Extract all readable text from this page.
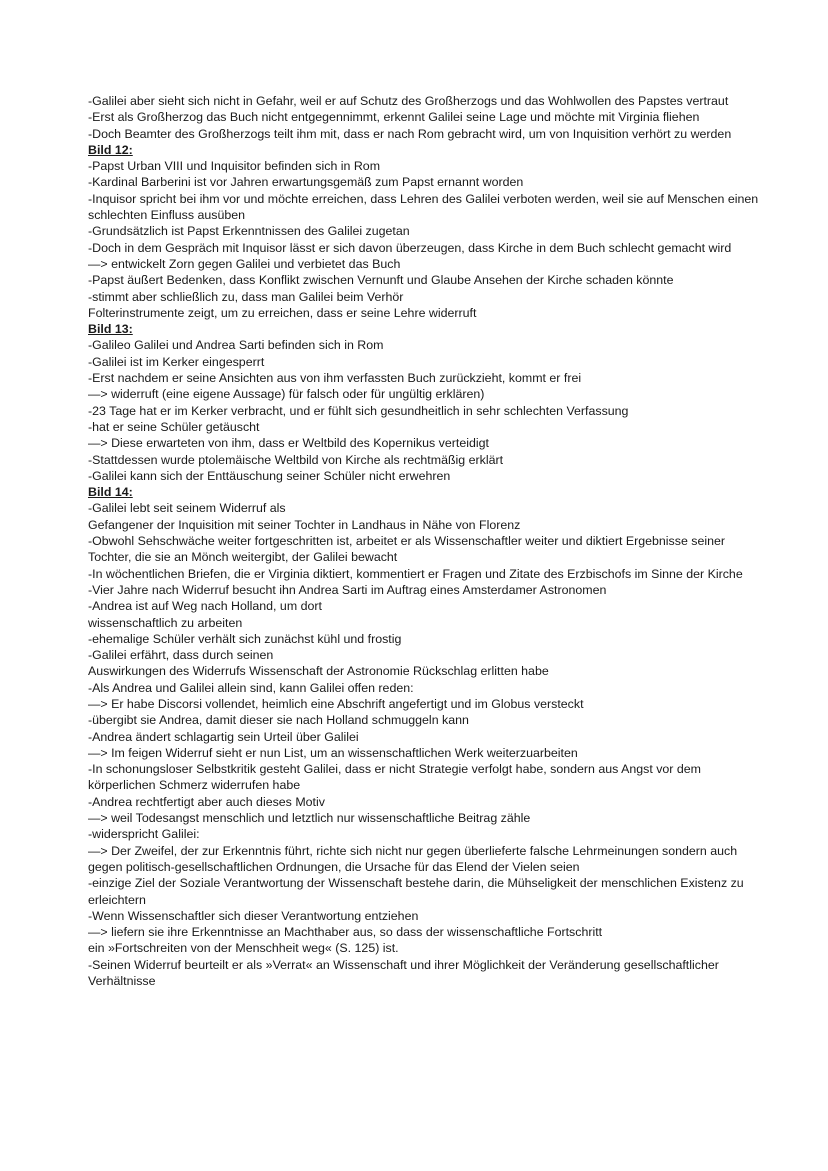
-Galilei aber sieht sich nicht in Gefahr, weil er auf Schutz des Großherzogs und das Wohlwollen des Papstes vertraut
-Erst als Großherzog das Buch nicht entgegennimmt, erkennt Galilei seine Lage und möchte mit Virginia fliehen
-Doch Beamter des Großherzogs teilt ihm mit, dass er nach Rom gebracht wird, um von Inquisition verhört zu werden
Bild 12:
-Papst Urban VIII und Inquisitor befinden sich in Rom
-Kardinal Barberini ist vor Jahren erwartungsgemäß zum Papst ernannt worden
-Inquisor spricht bei ihm vor und möchte erreichen, dass Lehren des Galilei verboten werden, weil sie auf Menschen einen schlechten Einfluss ausüben
-Grundsätzlich ist Papst Erkenntnissen des Galilei zugetan
-Doch in dem Gespräch mit Inquisor lässt er sich davon überzeugen, dass Kirche in dem Buch schlecht gemacht wird
—> entwickelt Zorn gegen Galilei und verbietet das Buch
-Papst äußert Bedenken, dass Konflikt zwischen Vernunft und Glaube Ansehen der Kirche schaden könnte
-stimmt aber schließlich zu, dass man Galilei beim Verhör
Folterinstrumente zeigt, um zu erreichen, dass er seine Lehre widerruft
Bild 13:
-Galileo Galilei und Andrea Sarti befinden sich in Rom
-Galilei ist im Kerker eingesperrt
-Erst nachdem er seine Ansichten aus von ihm verfassten Buch zurückzieht, kommt er frei
—> widerruft (eine eigene Aussage) für falsch oder für ungültig erklären)
-23 Tage hat er im Kerker verbracht, und er fühlt sich gesundheitlich in sehr schlechten Verfassung
-hat er seine Schüler getäuscht
—> Diese erwarteten von ihm, dass er Weltbild des Kopernikus verteidigt
-Stattdessen wurde ptolemäische Weltbild von Kirche als rechtmäßig erklärt
-Galilei kann sich der Enttäuschung seiner Schüler nicht erwehren
Bild 14:
-Galilei lebt seit seinem Widerruf als
Gefangener der Inquisition mit seiner Tochter in Landhaus in Nähe von Florenz
-Obwohl Sehschwäche weiter fortgeschritten ist, arbeitet er als Wissenschaftler weiter und diktiert Ergebnisse seiner Tochter, die sie an Mönch weitergibt, der Galilei bewacht
-In wöchentlichen Briefen, die er Virginia diktiert, kommentiert er Fragen und Zitate des Erzbischofs im Sinne der Kirche
-Vier Jahre nach Widerruf besucht ihn Andrea Sarti im Auftrag eines Amsterdamer Astronomen
-Andrea ist auf Weg nach Holland, um dort
wissenschaftlich zu arbeiten
-ehemalige Schüler verhält sich zunächst kühl und frostig
-Galilei erfährt, dass durch seinen
Auswirkungen des Widerrufs Wissenschaft der Astronomie Rückschlag erlitten habe
-Als Andrea und Galilei allein sind, kann Galilei offen reden:
—> Er habe Discorsi vollendet, heimlich eine Abschrift angefertigt und im Globus versteckt
-übergibt sie Andrea, damit dieser sie nach Holland schmuggeln kann
-Andrea ändert schlagartig sein Urteil über Galilei
—> Im feigen Widerruf sieht er nun List, um an wissenschaftlichen Werk weiterzuarbeiten
-In schonungsloser Selbstkritik gesteht Galilei, dass er nicht Strategie verfolgt habe, sondern aus Angst vor dem körperlichen Schmerz widerrufen habe
-Andrea rechtfertigt aber auch dieses Motiv
—> weil Todesangst menschlich und letztlich nur wissenschaftliche Beitrag zähle
-widerspricht Galilei:
—> Der Zweifel, der zur Erkenntnis führt, richte sich nicht nur gegen überlieferte falsche Lehrmeinungen sondern auch gegen politisch-gesellschaftlichen Ordnungen, die Ursache für das Elend der Vielen seien
-einzige Ziel der Soziale Verantwortung der Wissenschaft bestehe darin, die Mühseligkeit der menschlichen Existenz zu erleichtern
-Wenn Wissenschaftler sich dieser Verantwortung entziehen
—> liefern sie ihre Erkenntnisse an Machthaber aus, so dass der wissenschaftliche Fortschritt
ein »Fortschreiten von der Menschheit weg« (S. 125) ist.
-Seinen Widerruf beurteilt er als »Verrat« an Wissenschaft und ihrer Möglichkeit der Veränderung gesellschaftlicher Verhältnisse
